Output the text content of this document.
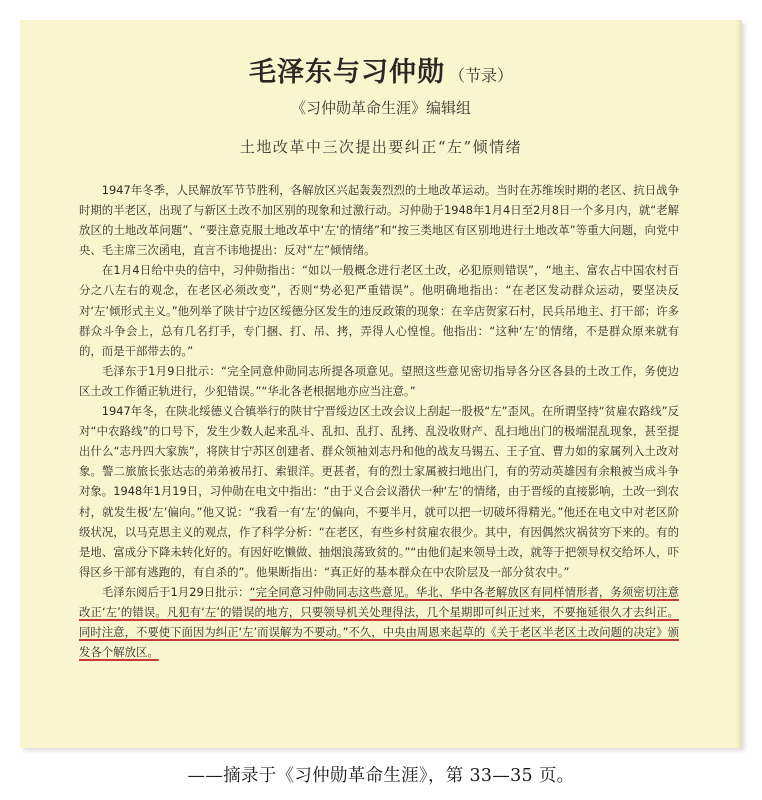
毛泽东与习仲勋 （节录）
《习仲勋革命生涯》编辑组
土地改革中三次提出要纠正“左”倾情绪

1947年冬季，人民解放军节节胜利，各解放区兴起轰轰烈烈的土地改革运动。当时在苏维埃时期的老区、抗日战争时期的半老区，出现了与新区土改不加区别的现象和过激行动。习仲勋于1948年1月4日至2月8日一个多月内，就“老解放区的土地改革问题”、“要注意克服土地改革中‘左’的情绪”和“按三类地区有区别地进行土地改革”等重大问题，向党中央、毛主席三次函电，直言不讳地提出：反对“左”倾情绪。

在1月4日给中央的信中，习仲勋指出：“如以一般概念进行老区土改，必犯原则错误”，“地主、富农占中国农村百分之八左右的观念，在老区必须改变”，否则“势必犯严重错误”。他明确地指出：“在老区发动群众运动，要坚决反对‘左’倾形式主义。”他列举了陕甘宁边区绥德分区发生的违反政策的现象：在辛店贺家石村，民兵吊地主、打干部；许多群众斗争会上，总有几名打手，专门捆、打、吊、拷，弄得人心惶惶。他指出：“这种‘左’的情绪，不是群众原来就有的，而是干部带去的。”

毛泽东于1月9日批示：“完全同意仲勋同志所提各项意见。望照这些意见密切指导各分区各县的土改工作，务使边区土改工作循正轨进行，少犯错误。”“华北各老根据地亦应当注意。”

1947年冬，在陕北绥德义合镇举行的陕甘宁晋绥边区土改会议上刮起一股极“左”歪风。在所谓坚持“贫雇农路线”反对“中农路线”的口号下，发生少数人起来乱斗、乱扣、乱打、乱拷、乱没收财产、乱扫地出门的极端混乱现象，甚至提出什么“志丹四大家族”，将陕甘宁苏区创建者、群众领袖刘志丹和他的战友马锡五、王子宜、曹力如的家属列入土改对象。警二旅旅长张达志的弟弟被吊打、索银洋。更甚者，有的烈士家属被扫地出门，有的劳动英雄因有余粮被当成斗争对象。1948年1月19日，习仲勋在电文中指出：“由于义合会议潜伏一种‘左’的情绪，由于晋绥的直接影响，土改一到农村，就发生极‘左’偏向。”他又说：“我看一有‘左’的偏向，不要半月，就可以把一切破坏得精光。”他还在电文中对老区阶级状况，以马克思主义的观点，作了科学分析：“在老区，有些乡村贫雇农很少。其中，有因偶然灾祸贫穷下来的。有的是地、富成分下降未转化好的。有因好吃懒做、抽烟浪荡致贫的。”“由他们起来领导土改，就等于把领导权交给坏人，吓得区乡干部有逃跑的，有自杀的”。他果断指出：“真正好的基本群众在中农阶层及一部分贫农中。”

毛泽东阅后于1月29日批示：“完全同意习仲勋同志这些意见。华北、华中各老解放区有同样情形者，务须密切注意改正‘左’的错误。凡犯有‘左’的错误的地方，只要领导机关处理得法，几个星期即可纠正过来，不要拖延很久才去纠正。同时注意，不要使下面因为纠正‘左’而误解为不要动。”不久，中央由周恩来起草的《关于老区半老区土改问题的决定》颁发各个解放区。

——摘录于《习仲勋革命生涯》，第 33—35 页。
